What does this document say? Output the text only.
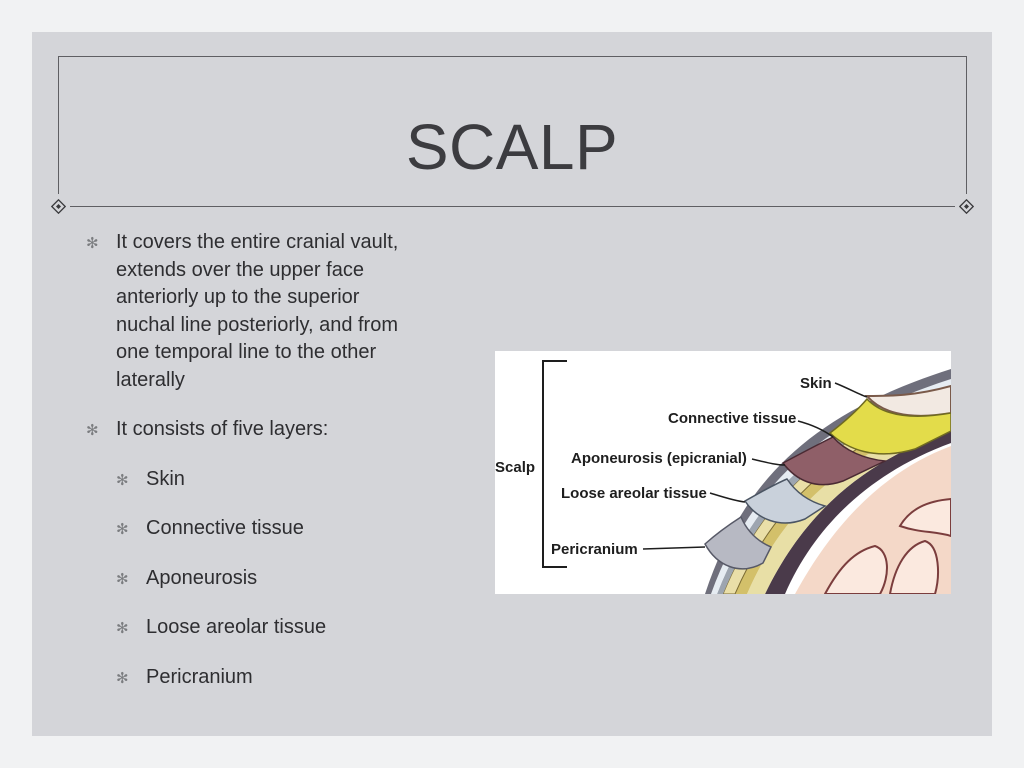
SCALP
✻ It covers the entire cranial vault, extends over the upper face anteriorly up to the superior nuchal line posteriorly, and from one temporal line to the other laterally
✻ It consists of five layers:
✻ Skin
✻ Connective tissue
✻ Aponeurosis
✻ Loose areolar tissue
✻ Pericranium
Scalp
Skin
Connective tissue
Aponeurosis (epicranial)
Loose areolar tissue
Pericranium
